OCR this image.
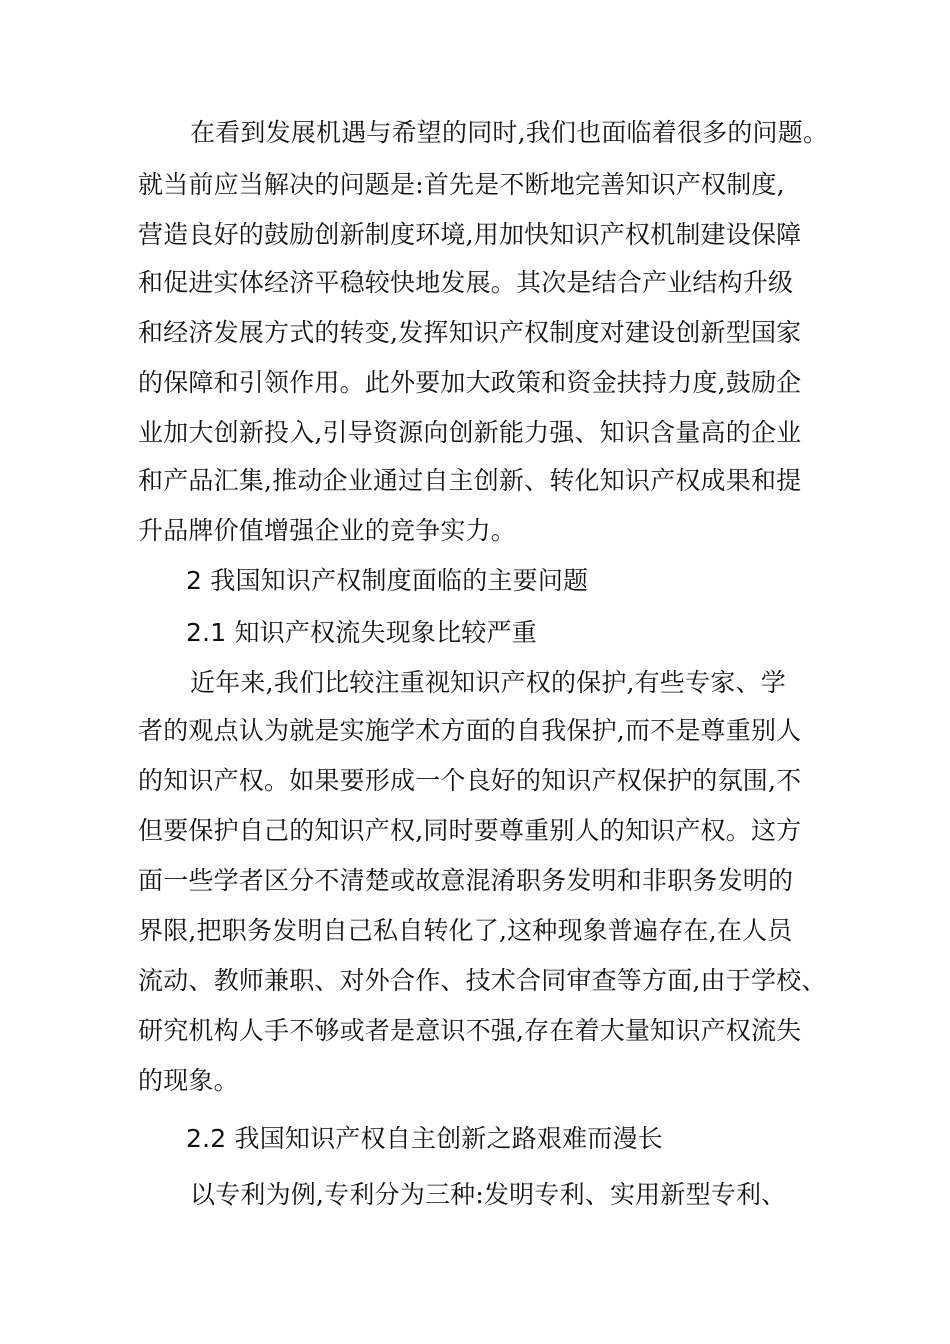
在看到发展机遇与希望的同时,我们也面临着很多的问题。
就当前应当解决的问题是:首先是不断地完善知识产权制度,
营造良好的鼓励创新制度环境,用加快知识产权机制建设保障
和促进实体经济平稳较快地发展。其次是结合产业结构升级
和经济发展方式的转变,发挥知识产权制度对建设创新型国家
的保障和引领作用。此外要加大政策和资金扶持力度,鼓励企
业加大创新投入,引导资源向创新能力强、知识含量高的企业
和产品汇集,推动企业通过自主创新、转化知识产权成果和提
升品牌价值增强企业的竞争实力。
2 我国知识产权制度面临的主要问题
2.1 知识产权流失现象比较严重
近年来,我们比较注重视知识产权的保护,有些专家、学
者的观点认为就是实施学术方面的自我保护,而不是尊重别人
的知识产权。如果要形成一个良好的知识产权保护的氛围,不
但要保护自己的知识产权,同时要尊重别人的知识产权。这方
面一些学者区分不清楚或故意混淆职务发明和非职务发明的
界限,把职务发明自己私自转化了,这种现象普遍存在,在人员
流动、教师兼职、对外合作、技术合同审查等方面,由于学校、
研究机构人手不够或者是意识不强,存在着大量知识产权流失
的现象。
2.2 我国知识产权自主创新之路艰难而漫长
以专利为例,专利分为三种:发明专利、实用新型专利、
